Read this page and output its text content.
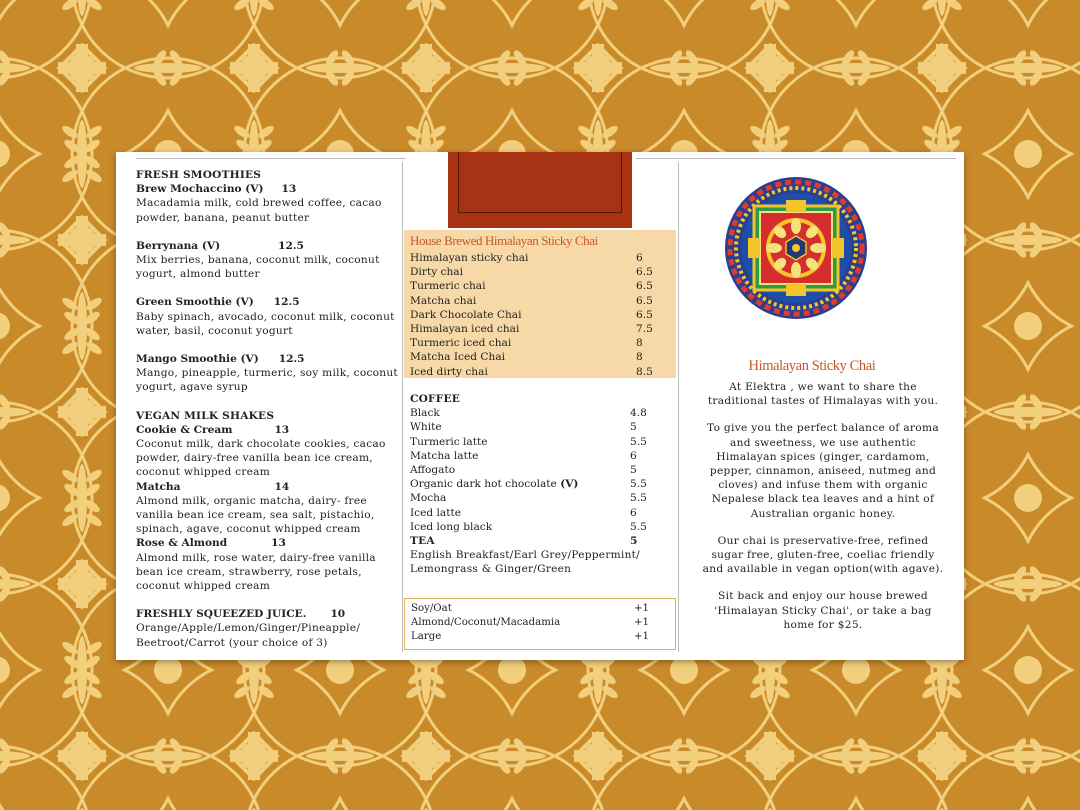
FRESH SMOOTHIES
Brew Mochaccino (V) 13
Macadamia milk, cold brewed coffee, cacao powder, banana, peanut butter
Berrynana (V)	12.5
Mix berries, banana, coconut milk, coconut yogurt, almond butter
Green Smoothie (V) 12.5
Baby spinach, avocado, coconut milk, coconut water, basil, coconut yogurt
Mango Smoothie (V) 12.5
Mango, pineapple, turmeric, soy milk, coconut yogurt, agave syrup
VEGAN MILK SHAKES
Cookie & Cream	13
Coconut milk, dark chocolate cookies, cacao powder, dairy-free vanilla bean ice cream, coconut whipped cream
Matcha	14
Almond milk, organic matcha, dairy- free vanilla bean ice cream, sea salt, pistachio, spinach, agave, coconut whipped cream
Rose & Almond	13
Almond milk, rose water, dairy-free vanilla bean ice cream, strawberry, rose petals, coconut whipped cream
FRESHLY SQUEEZED JUICE. 10
Orange/Apple/Lemon/Ginger/Pineapple/ Beetroot/Carrot (your choice of 3)
House Brewed Himalayan Sticky Chai
Himalayan sticky chai	6
Dirty chai	6.5
Turmeric chai	6.5
Matcha chai	6.5
Dark Chocolate Chai	6.5
Himalayan iced chai	7.5
Turmeric iced chai	8
Matcha Iced Chai	8
Iced dirty chai	8.5
COFFEE
Black	4.8
White	5
Turmeric latte	5.5
Matcha latte	6
Affogato	5
Organic dark hot chocolate (V)	5.5
Mocha	5.5
Iced latte	6
Iced long black	5.5
TEA	5
English Breakfast/Earl Grey/Peppermint/ Lemongrass & Ginger/Green
Soy/Oat	+1
Almond/Coconut/Macadamia	+1
Large	+1
Himalayan Sticky Chai

At Elektra , we want to share the traditional tastes of Himalayas with you.

To give you the perfect balance of aroma and sweetness, we use authentic Himalayan spices (ginger, cardamom, pepper, cinnamon, aniseed, nutmeg and cloves) and infuse them with organic Nepalese black tea leaves and a hint of Australian organic honey.

Our chai is preservative-free, refined sugar free, gluten-free, coeliac friendly and available in vegan option(with agave).

Sit back and enjoy our house brewed 'Himalayan Sticky Chai', or take a bag home for $25.
